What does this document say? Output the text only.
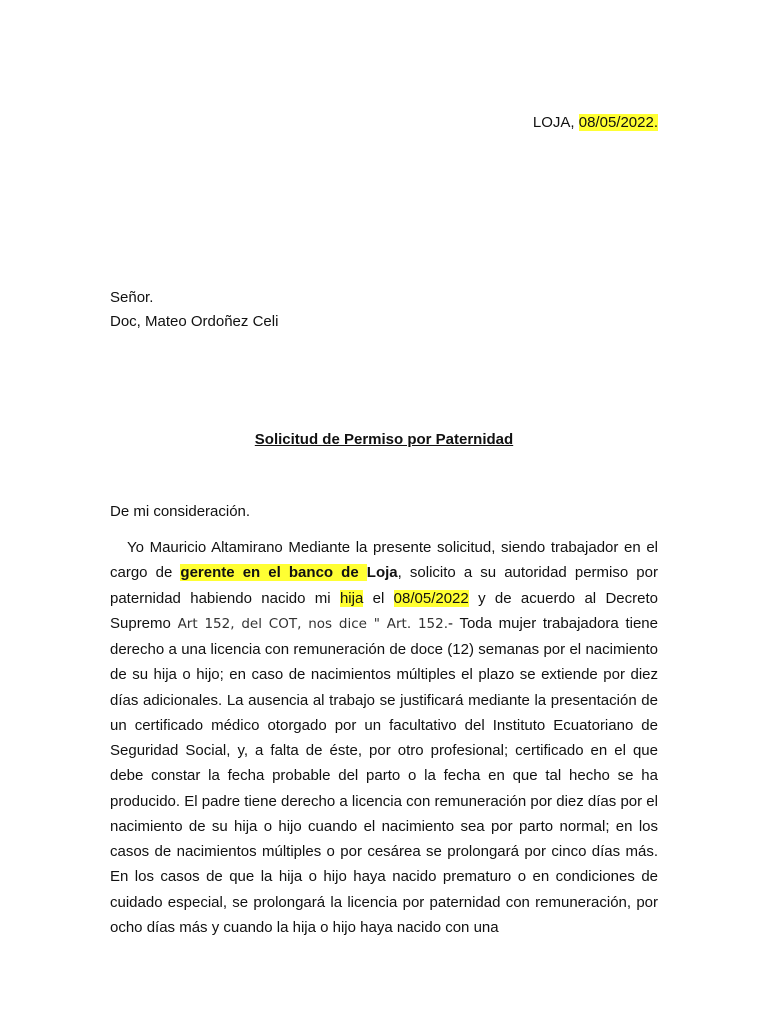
LOJA, 08/05/2022.

Señor.
Doc, Mateo Ordoñez Celi

Solicitud de Permiso por Paternidad

De mi consideración.

Yo Mauricio Altamirano Mediante la presente solicitud, siendo trabajador en el cargo de gerente en el banco de Loja, solicito a su autoridad permiso por paternidad habiendo nacido mi hija el 08/05/2022 y de acuerdo al Decreto Supremo Art 152, del COT, nos dice " Art. 152.- Toda mujer trabajadora tiene derecho a una licencia con remuneración de doce (12) semanas por el nacimiento de su hija o hijo; en caso de nacimientos múltiples el plazo se extiende por diez días adicionales. La ausencia al trabajo se justificará mediante la presentación de un certificado médico otorgado por un facultativo del Instituto Ecuatoriano de Seguridad Social, y, a falta de éste, por otro profesional; certificado en el que debe constar la fecha probable del parto o la fecha en que tal hecho se ha producido. El padre tiene derecho a licencia con remuneración por diez días por el nacimiento de su hija o hijo cuando el nacimiento sea por parto normal; en los casos de nacimientos múltiples o por cesárea se prolongará por cinco días más. En los casos de que la hija o hijo haya nacido prematuro o en condiciones de cuidado especial, se prolongará la licencia por paternidad con remuneración, por ocho días más y cuando la hija o hijo haya nacido con una
